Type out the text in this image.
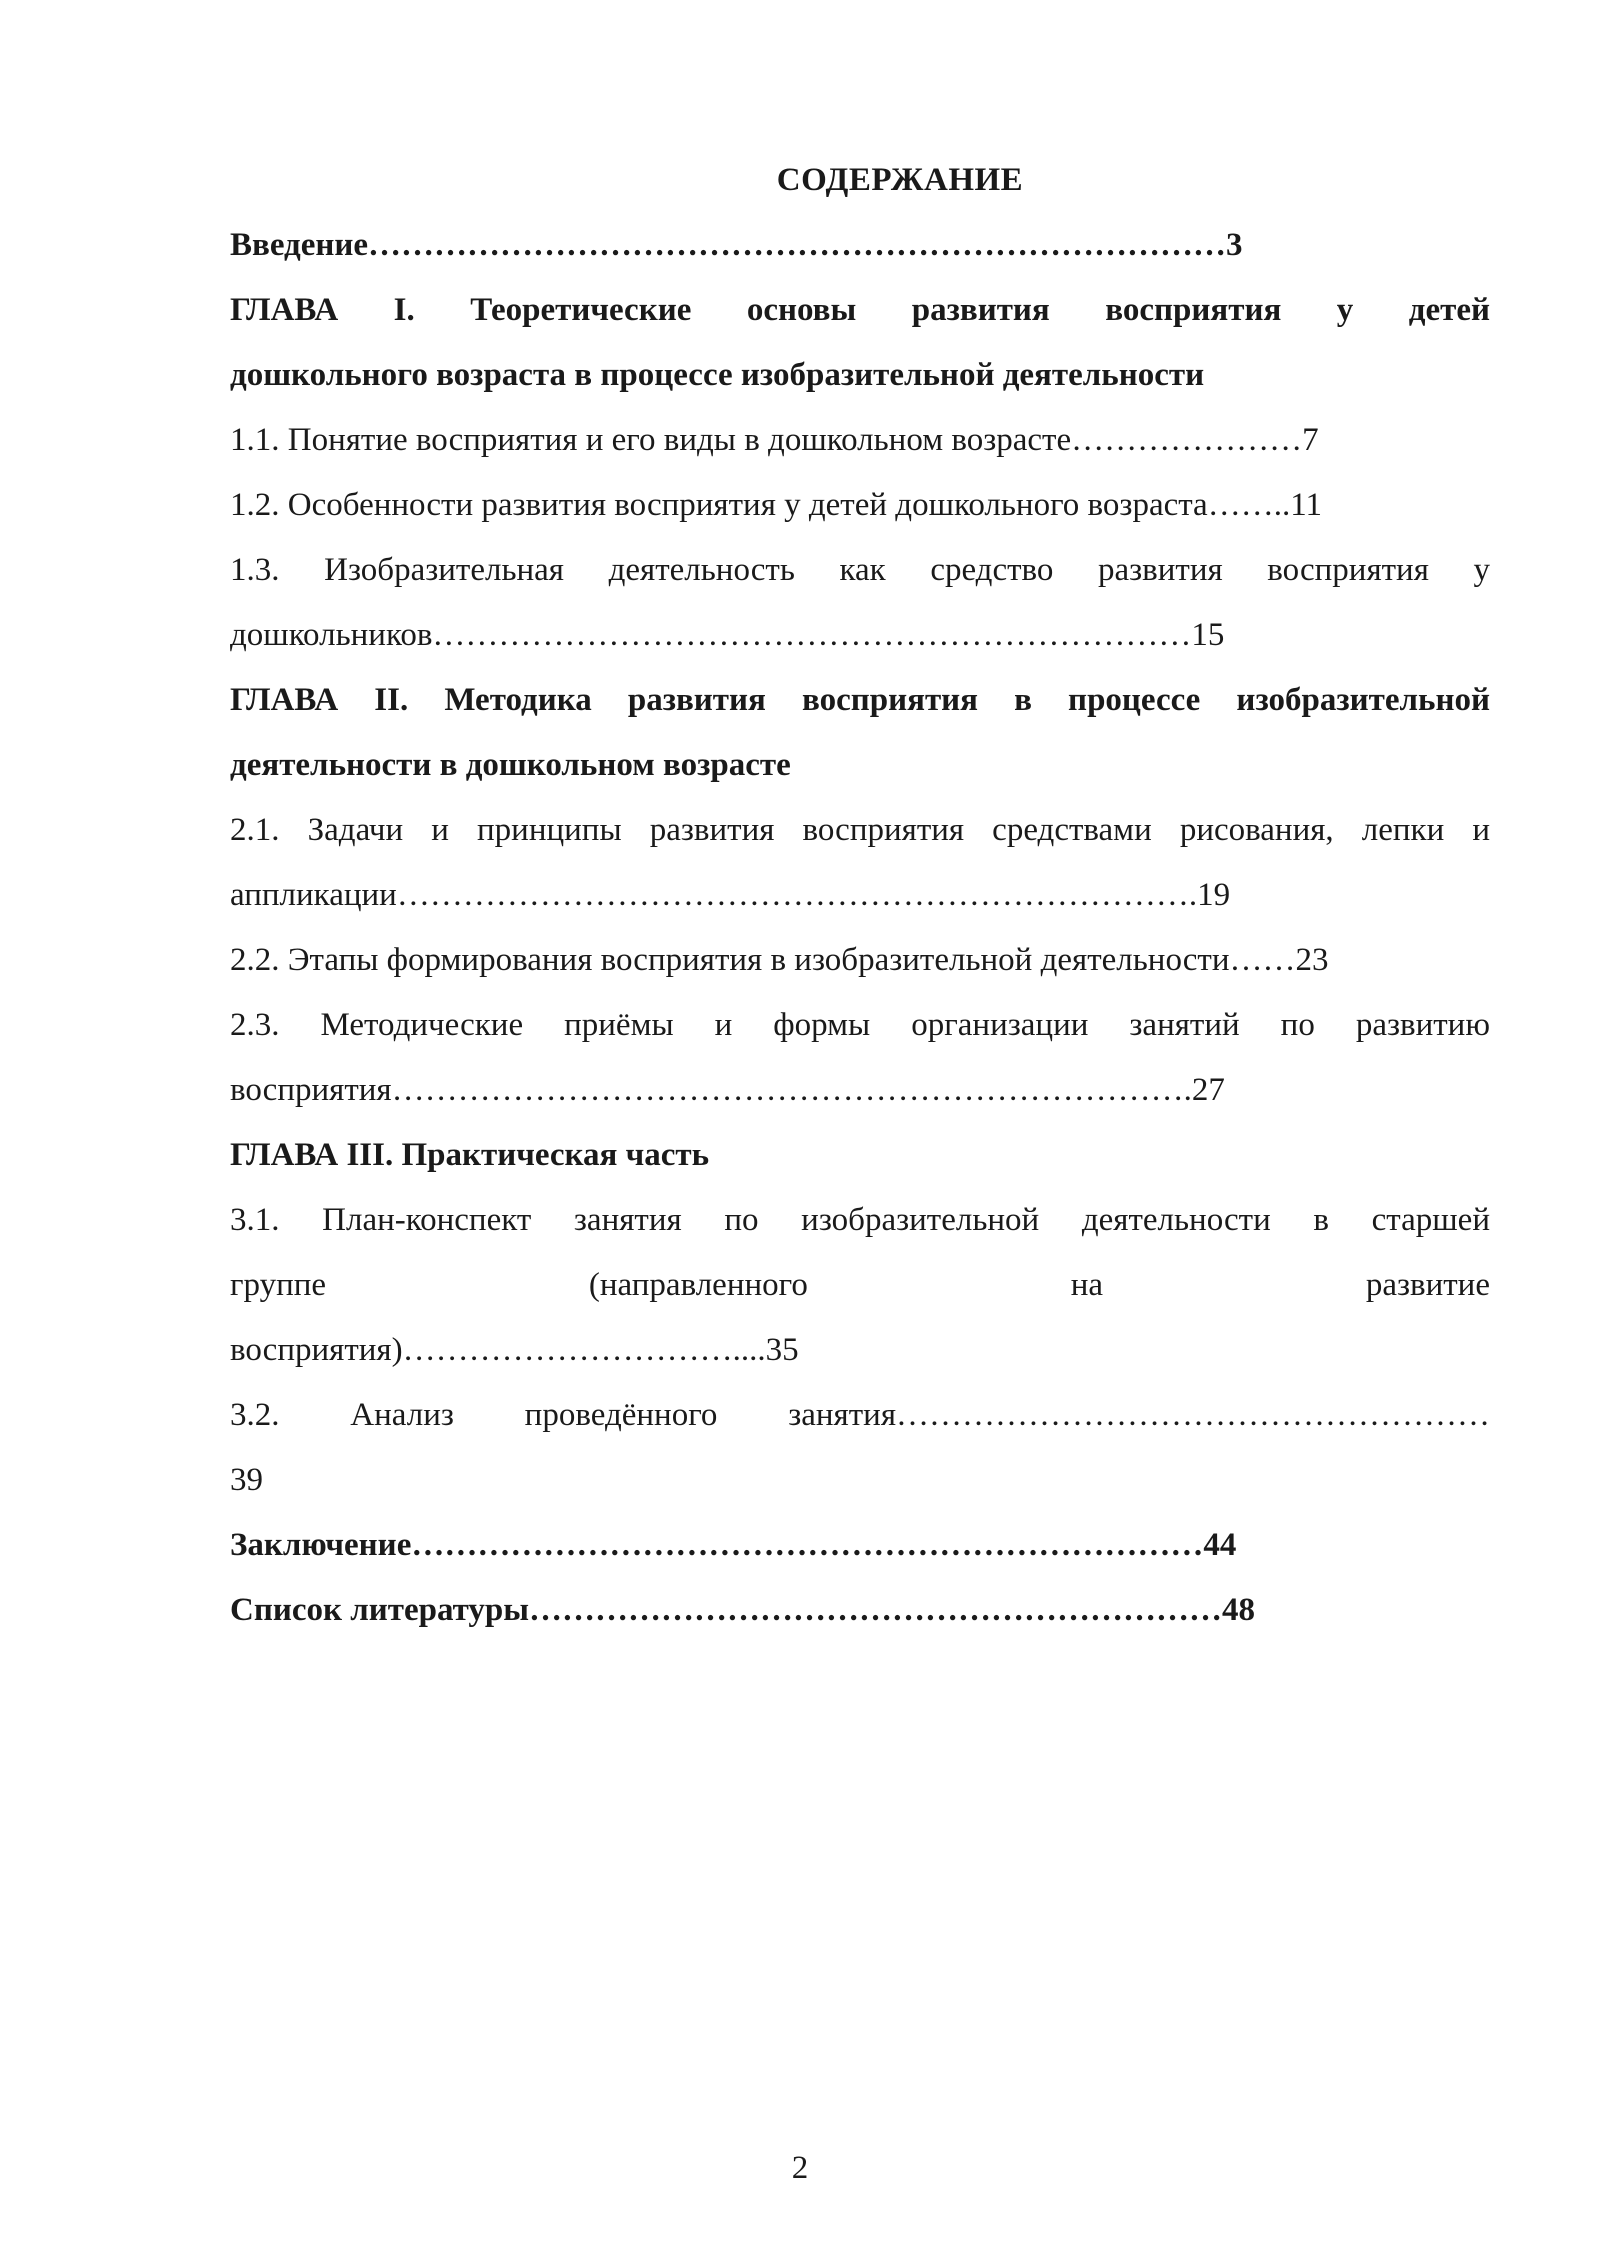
СОДЕРЖАНИЕ
Введение……………………………………………………………………3
ГЛАВА I. Теоретические основы развития восприятия у детей
дошкольного возраста в процессе изобразительной деятельности
1.1. Понятие восприятия и его виды в дошкольном возрасте…………………7
1.2. Особенности развития восприятия у детей дошкольного возраста……..11
1.3. Изобразительная деятельность как средство развития восприятия у
дошкольников……………………………………………………………15
ГЛАВА II. Методика развития восприятия в процессе изобразительной
деятельности в дошкольном возрасте
2.1. Задачи и принципы развития восприятия средствами рисования, лепки и
аппликации……………………………………………………………….19
2.2. Этапы формирования восприятия в изобразительной деятельности……23
2.3. Методические приёмы и формы организации занятий по развитию
восприятия……………………………………………………………….27
ГЛАВА III. Практическая часть
3.1. План-конспект занятия по изобразительной деятельности в старшей
группе (направленного на развитие
восприятия)…………………………....35
3.2. Анализ проведённого занятия………………………………………………
39
Заключение………………………………………………………………44
Список литературы………………………………………………………48
2
